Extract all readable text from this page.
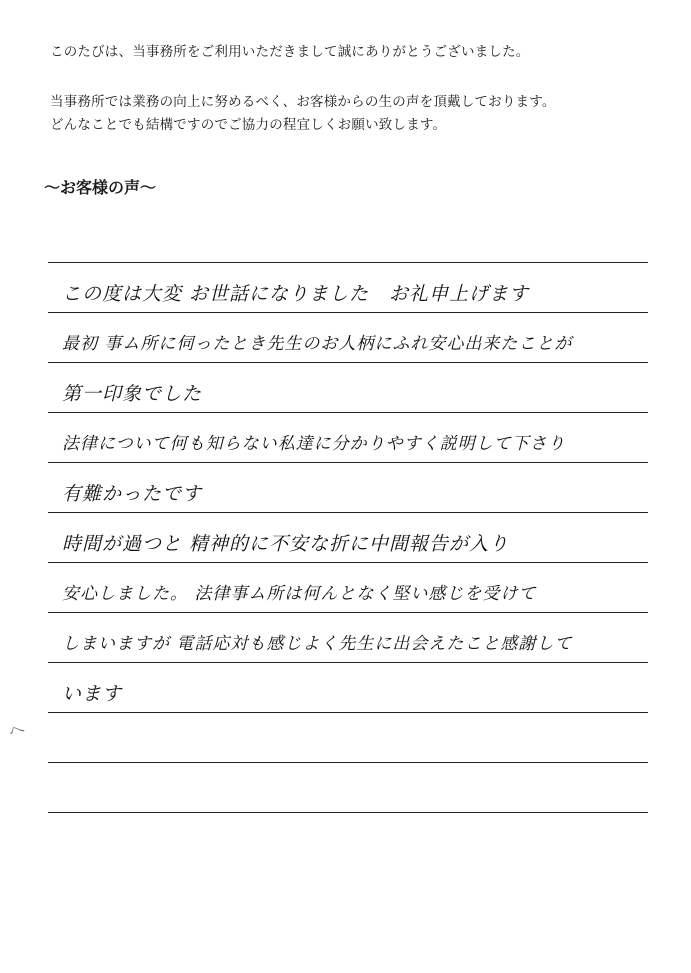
このたびは、当事務所をご利用いただきまして誠にありがとうございました。
当事務所では業務の向上に努めるべく、お客様からの生の声を頂戴しております。
どんなことでも結構ですのでご協力の程宜しくお願い致します。
～お客様の声～
この度は大変 お世話になりました　お礼申上げます
最初 事ム所に伺ったとき先生のお人柄にふれ安心出来たことが
第一印象でした
法律について何も知らない私達に分かりやすく説明して下さり
有難かったです
時間が過つと 精神的に不安な折に中間報告が入り
安心しました。 法律事ム所は何んとなく堅い感じを受けて
しまいますが 電話応対も感じよく先生に出会えたこと感謝して
います
へ
